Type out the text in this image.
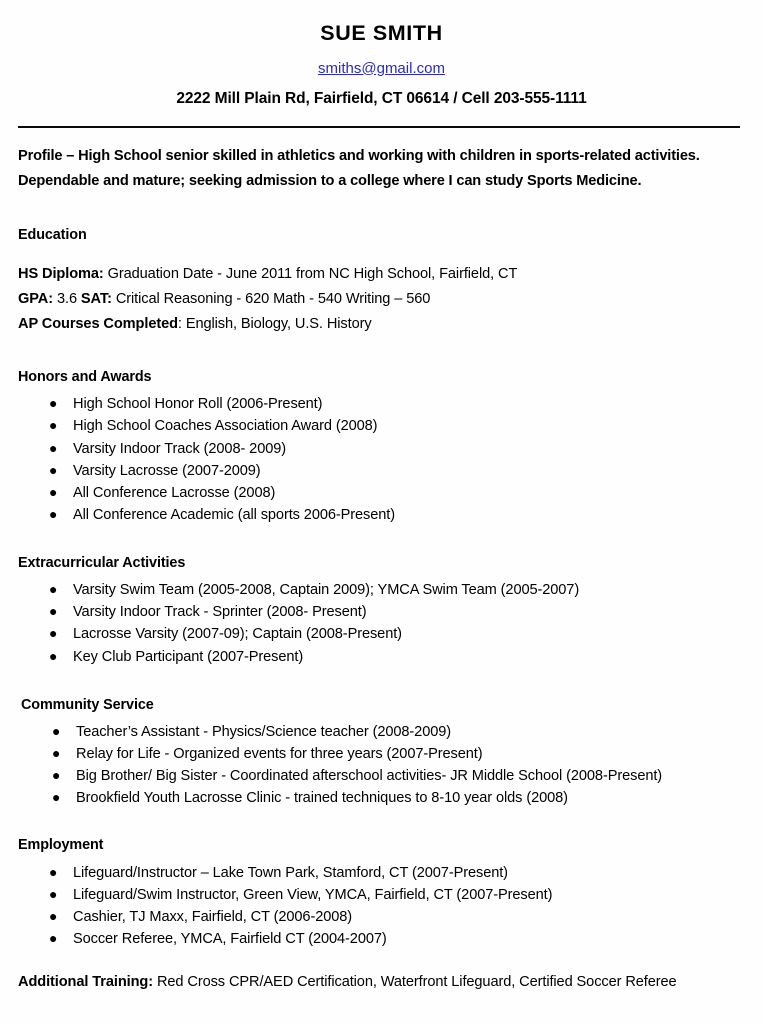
SUE SMITH
smiths@gmail.com
2222 Mill Plain Rd, Fairfield, CT 06614 / Cell 203-555-1111
Profile – High School senior skilled in athletics and working with children in sports-related activities.
Dependable and mature; seeking admission to a college where I can study Sports Medicine.
Education
HS Diploma: Graduation Date - June 2011 from NC High School, Fairfield, CT
GPA: 3.6 SAT: Critical Reasoning - 620 Math - 540 Writing – 560
AP Courses Completed: English, Biology, U.S. History
Honors and Awards
● High School Honor Roll (2006-Present)
● High School Coaches Association Award (2008)
● Varsity Indoor Track (2008- 2009)
● Varsity Lacrosse (2007-2009)
● All Conference Lacrosse (2008)
● All Conference Academic (all sports 2006-Present)
Extracurricular Activities
● Varsity Swim Team (2005-2008, Captain 2009); YMCA Swim Team (2005-2007)
● Varsity Indoor Track - Sprinter (2008- Present)
● Lacrosse Varsity (2007-09); Captain (2008-Present)
● Key Club Participant (2007-Present)
Community Service
● Teacher’s Assistant - Physics/Science teacher (2008-2009)
● Relay for Life - Organized events for three years (2007-Present)
● Big Brother/ Big Sister - Coordinated afterschool activities- JR Middle School (2008-Present)
● Brookfield Youth Lacrosse Clinic - trained techniques to 8-10 year olds (2008)
Employment
● Lifeguard/Instructor – Lake Town Park, Stamford, CT (2007-Present)
● Lifeguard/Swim Instructor, Green View, YMCA, Fairfield, CT (2007-Present)
● Cashier, TJ Maxx, Fairfield, CT (2006-2008)
● Soccer Referee, YMCA, Fairfield CT (2004-2007)
Additional Training: Red Cross CPR/AED Certification, Waterfront Lifeguard, Certified Soccer Referee
